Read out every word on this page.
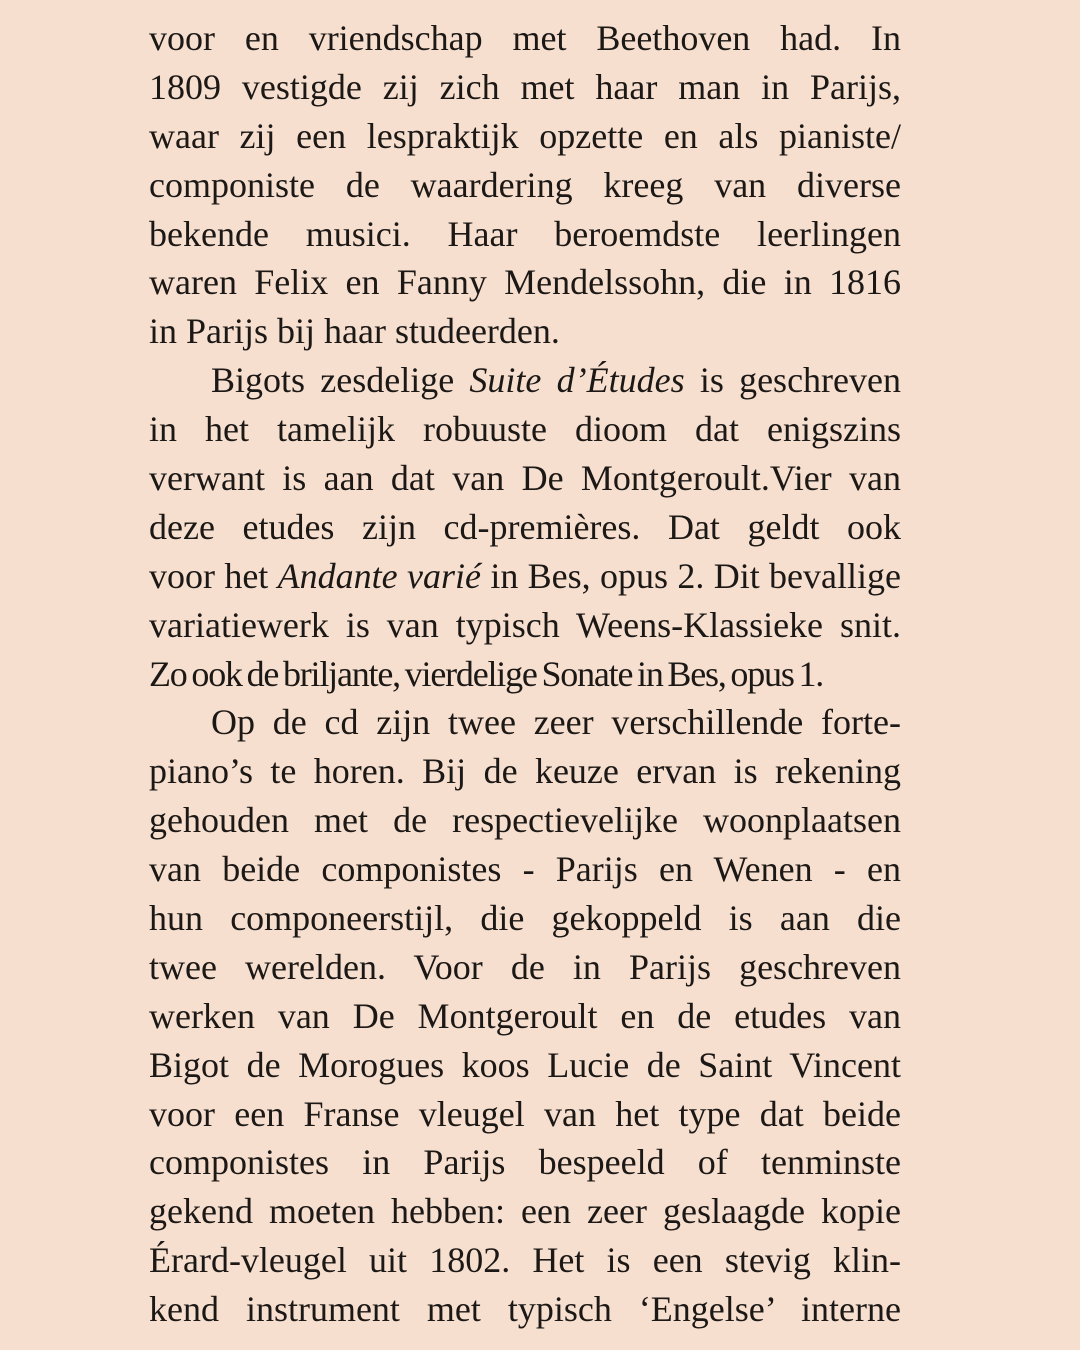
voor en vriendschap met Beethoven had. In
1809 vestigde zij zich met haar man in Parijs,
waar zij een lespraktijk opzette en als pianiste/
componiste de waardering kreeg van diverse
bekende musici. Haar beroemdste leerlingen
waren Felix en Fanny Mendelssohn, die in 1816
in Parijs bij haar studeerden.
Bigots zesdelige Suite d’Études is geschreven
in het tamelijk robuuste dioom dat enigszins
verwant is aan dat van De Montgeroult.Vier van
deze etudes zijn cd-premières. Dat geldt ook
voor het Andante varié in Bes, opus 2. Dit bevallige
variatiewerk is van typisch Weens-Klassieke snit.
Zo ook de briljante, vierdelige Sonate in Bes, opus 1.
Op de cd zijn twee zeer verschillende forte-
piano’s te horen. Bij de keuze ervan is rekening
gehouden met de respectievelijke woonplaatsen
van beide componistes - Parijs en Wenen - en
hun componeerstijl, die gekoppeld is aan die
twee werelden. Voor de in Parijs geschreven
werken van De Montgeroult en de etudes van
Bigot de Morogues koos Lucie de Saint Vincent
voor een Franse vleugel van het type dat beide
componistes in Parijs bespeeld of tenminste
gekend moeten hebben: een zeer geslaagde kopie
Érard-vleugel uit 1802. Het is een stevig klin-
kend instrument met typisch ‘Engelse’ interne
